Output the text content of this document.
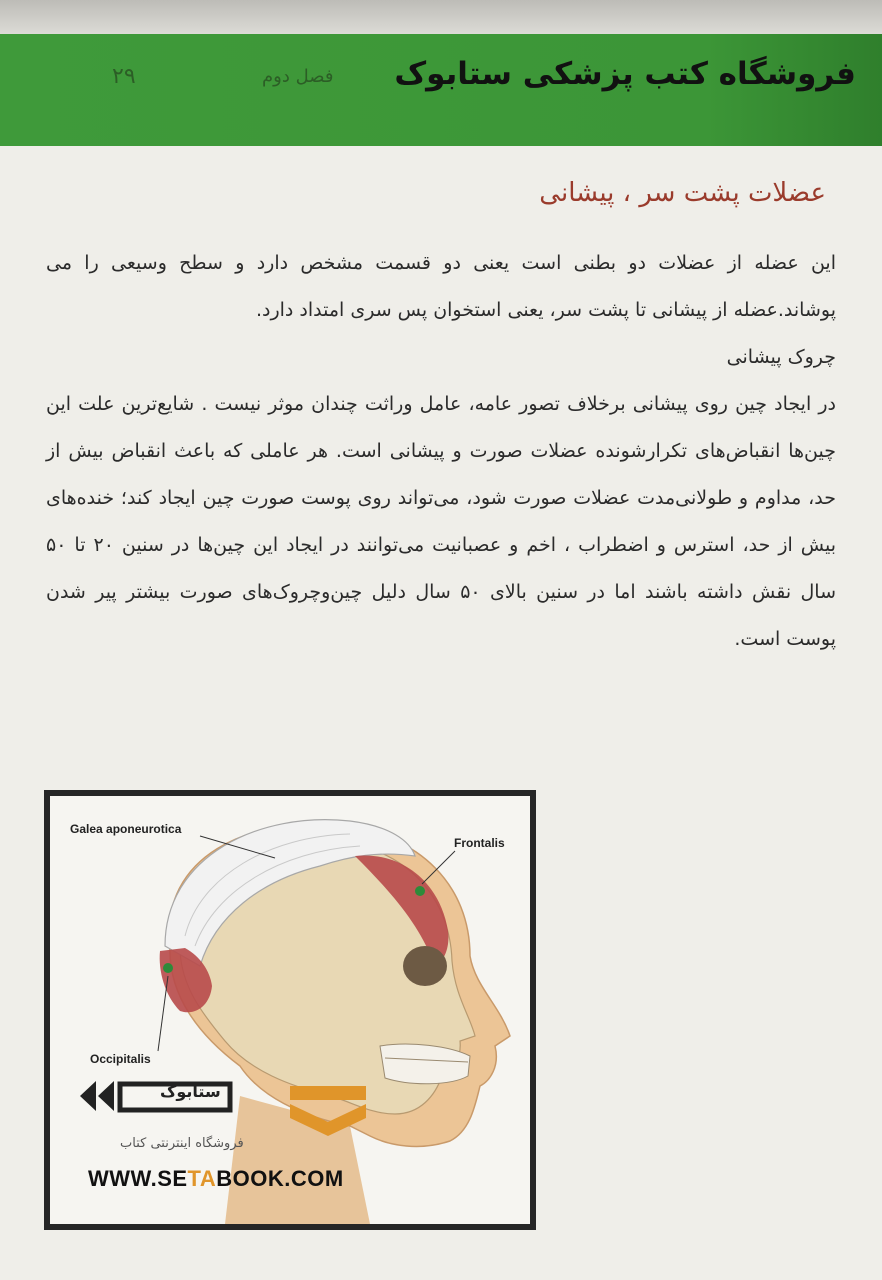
۲۹	فصل دوم فروشگاه کتب پزشکی ستابوک
عضلات پشت سر ، پیشانی

این عضله از عضلات دو بطنی است یعنی دو قسمت مشخص دارد و سطح وسیعی را می پوشاند.عضله از پیشانی تا پشت سر، یعنی استخوان پس سری امتداد دارد.

چروک پیشانی

در ایجاد چین روی پیشانی برخلاف تصور عامه، عامل وراثت چندان موثر نیست . شایع‌ترین علت این چین‌ها انقباض‌های تکرارشونده عضلات صورت و پیشانی است. هر عاملی که باعث انقباض بیش از حد، مداوم و طولانی‌مدت عضلات صورت شود، می‌تواند روی پوست صورت چین ایجاد کند؛ خنده‌های بیش از حد، استرس و اضطراب ، اخم و عصبانیت می‌توانند در ایجاد این چین‌ها در سنین ۲۰ تا ۵۰ سال نقش داشته باشند اما در سنین بالای ۵۰ سال دلیل چین‌وچروک‌های صورت بیشتر پیر شدن پوست است.

Galea aponeurotica
Frontalis
Occipitalis
ستابوک
فروشگاه اینترنتی کتاب
WWW.SETABOOK.COM
